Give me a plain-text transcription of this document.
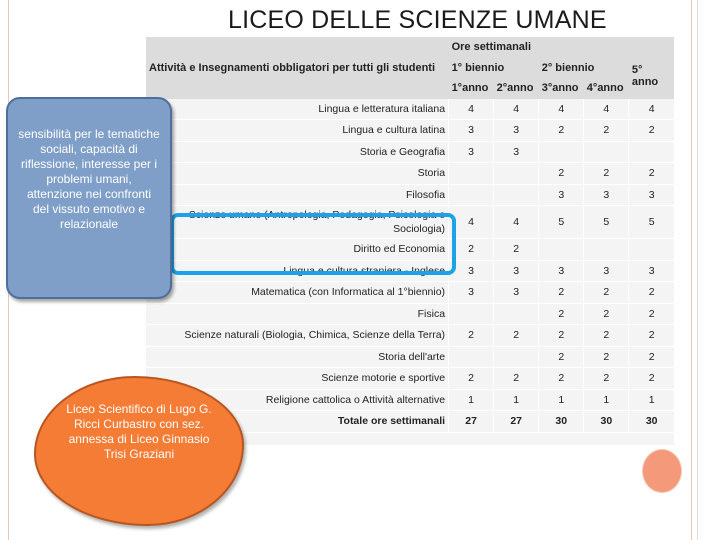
LICEO DELLE SCIENZE UMANE
	Ore settimanali				
Attività e Insegnamenti obbligatori per tutti gli studenti	1° biennio		2° biennio		5° anno
	1°anno	2°anno	3°anno	4°anno	
Lingua e letteratura italiana	4	4	4	4	4
Lingua e cultura latina	3	3	2	2	2
Storia e Geografia	3	3			
Storia			2	2	2
Filosofia			3	3	3
Scienze umane (Antropologia, Pedagogia, Psicologia e Sociologia)	4	4	5	5	5
Diritto ed Economia	2	2			
Lingua e cultura straniera - Inglese	3	3	3	3	3
Matematica (con Informatica al 1°biennio)	3	3	2	2	2
Fisica			2	2	2
Scienze naturali (Biologia, Chimica, Scienze della Terra)	2	2	2	2	2
Storia dell'arte			2	2	2
Scienze motorie e sportive	2	2	2	2	2
Religione cattolica o Attività alternative	1	1	1	1	1
Totale ore settimanali	27	27	30	30	30
sensibilità per le tematiche sociali, capacità di riflessione, interesse per i problemi umani, attenzione nei confronti del vissuto emotivo e relazionale
Liceo Scientifico di Lugo G. Ricci Curbastro con sez. annessa di Liceo Ginnasio Trisi Graziani
